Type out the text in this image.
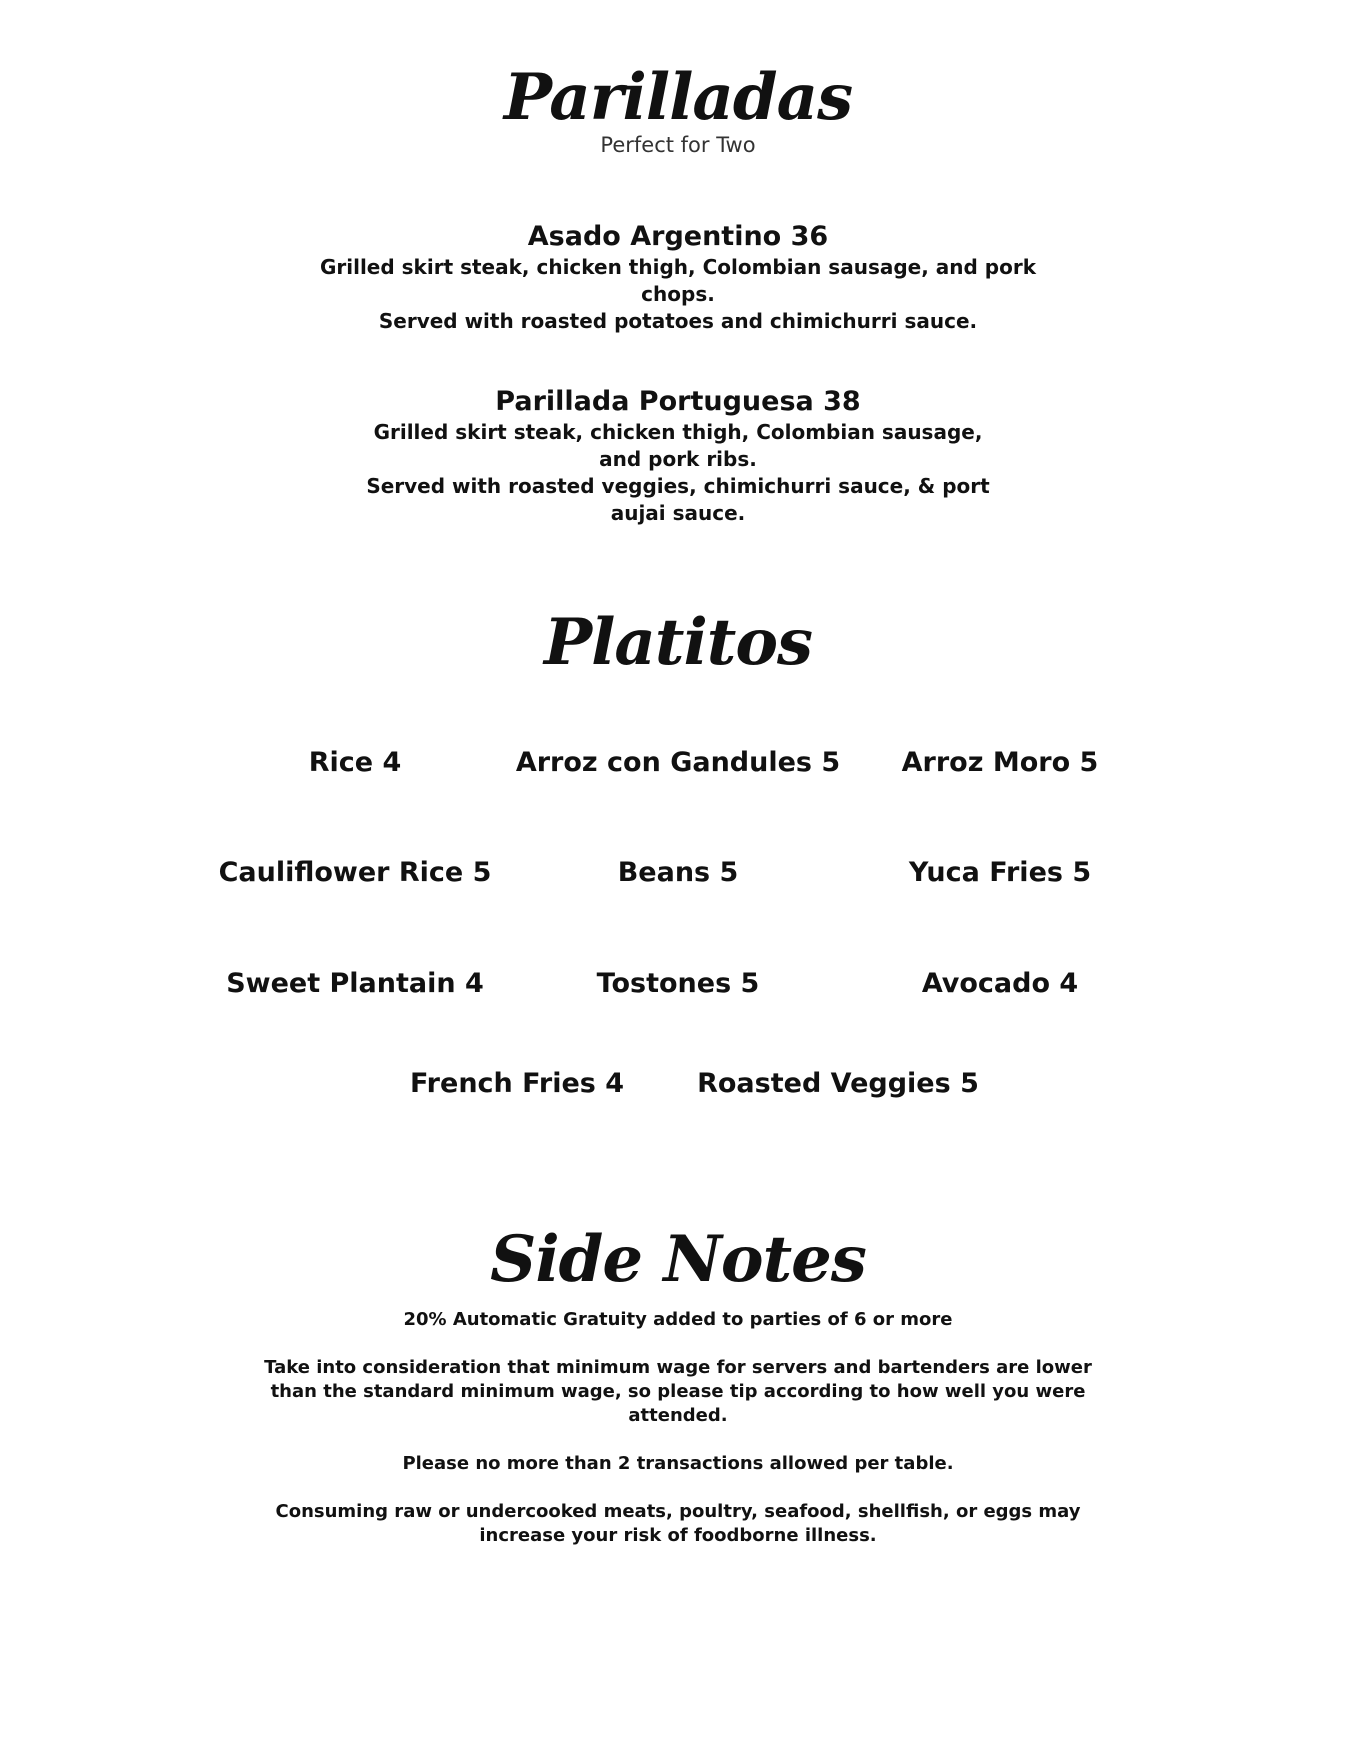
Parilladas
Perfect for Two
Asado Argentino 36

Grilled skirt steak, chicken thigh, Colombian sausage, and pork chops.

Served with roasted potatoes and chimichurri sauce.

Parillada Portuguesa 38

Grilled skirt steak, chicken thigh, Colombian sausage, and pork ribs.

Served with roasted veggies, chimichurri sauce, & port aujai sauce.

Platitos
Rice 4	Arroz con Gandules 5	Arroz Moro 5
Cauliflower Rice 5	Beans 5	Yuca Fries 5
Sweet Plantain 4	Tostones 5	Avocado 4
French Fries 4	Roasted Veggies 5
Side Notes

20% Automatic Gratuity added to parties of 6 or more

Take into consideration that minimum wage for servers and bartenders are lower than the standard minimum wage, so please tip according to how well you were attended.

Please no more than 2 transactions allowed per table.

Consuming raw or undercooked meats, poultry, seafood, shellfish, or eggs may increase your risk of foodborne illness.
